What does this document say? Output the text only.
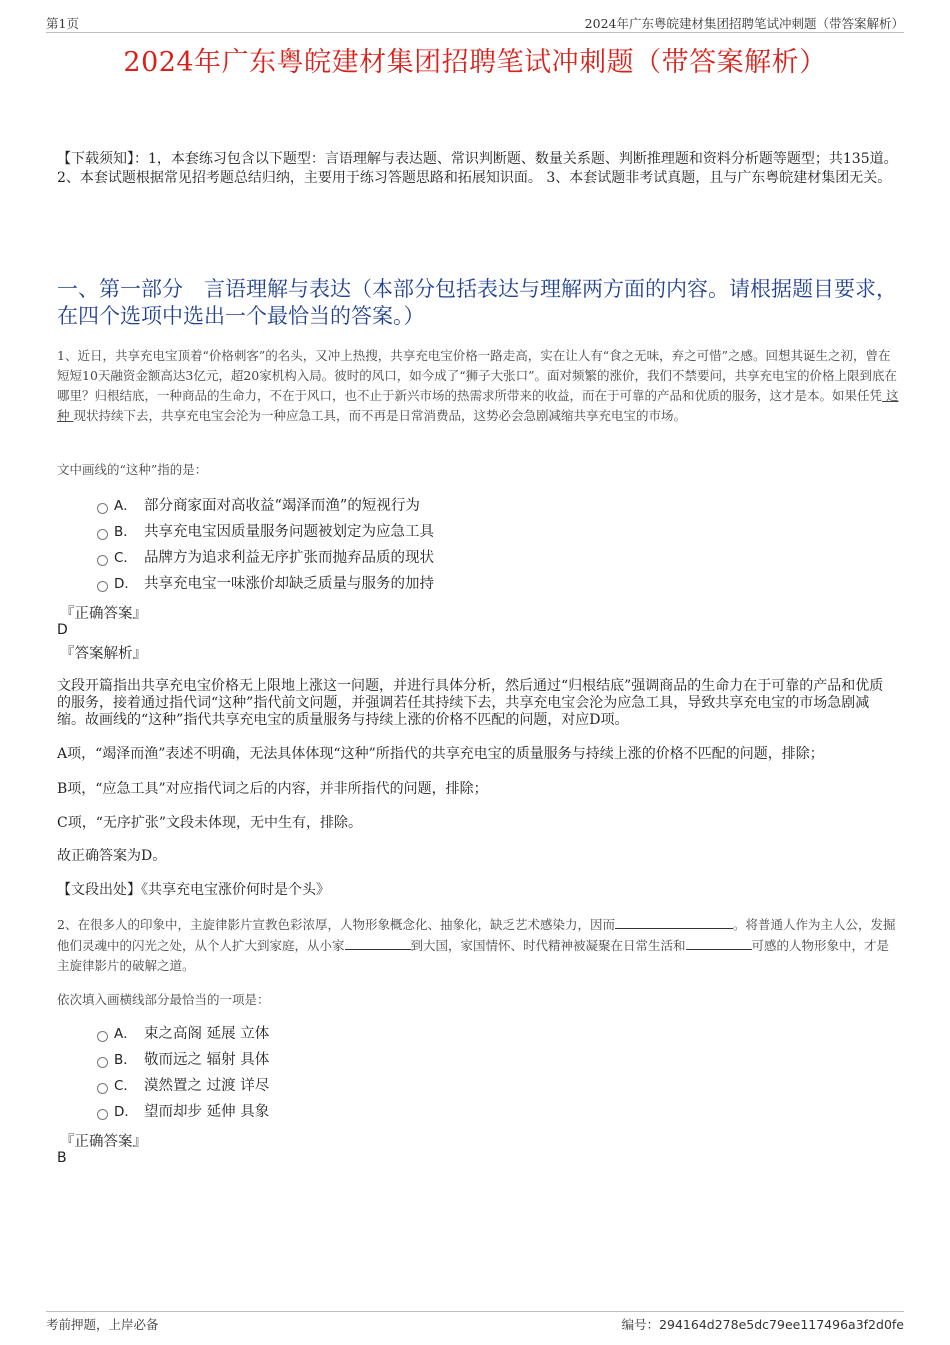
第1页	2024年广东粤皖建材集团招聘笔试冲刺题（带答案解析）
2024年广东粤皖建材集团招聘笔试冲刺题（带答案解析）
【下载须知】：1，本套练习包含以下题型：言语理解与表达题、常识判断题、数量关系题、判断推理题和资料分析题等题型；共135道。 2、本套试题根据常见招考题总结归纳，主要用于练习答题思路和拓展知识面。 3、本套试题非考试真题，且与广东粤皖建材集团无关。
一、第一部分　言语理解与表达（本部分包括表达与理解两方面的内容。请根据题目要求，在四个选项中选出一个最恰当的答案。）
1、近日，共享充电宝顶着“价格刺客”的名头，又冲上热搜，共享充电宝价格一路走高，实在让人有“食之无味，弃之可惜”之感。回想其诞生之初，曾在短短10天融资金额高达3亿元，超20家机构入局。彼时的风口，如今成了“狮子大张口”。面对频繁的涨价，我们不禁要问，共享充电宝的价格上限到底在哪里？归根结底，一种商品的生命力，不在于风口，也不止于新兴市场的热需求所带来的收益，而在于可靠的产品和优质的服务，这才是本。如果任凭 这种 现状持续下去，共享充电宝会沦为一种应急工具，而不再是日常消费品，这势必会急剧减缩共享充电宝的市场。
文中画线的“这种”指的是：
A． 部分商家面对高收益“竭泽而渔”的短视行为
B． 共享充电宝因质量服务问题被划定为应急工具
C． 品牌方为追求利益无序扩张而抛弃品质的现状
D． 共享充电宝一味涨价却缺乏质量与服务的加持
『正确答案』
D
『答案解析』
文段开篇指出共享充电宝价格无上限地上涨这一问题，并进行具体分析，然后通过“归根结底”强调商品的生命力在于可靠的产品和优质的服务，接着通过指代词“这种”指代前文问题，并强调若任其持续下去，共享充电宝会沦为应急工具，导致共享充电宝的市场急剧减缩。故画线的“这种”指代共享充电宝的质量服务与持续上涨的价格不匹配的问题，对应D项。
A项，“竭泽而渔”表述不明确，无法具体体现“这种”所指代的共享充电宝的质量服务与持续上涨的价格不匹配的问题，排除；
B项，“应急工具”对应指代词之后的内容，并非所指代的问题，排除；
C项，“无序扩张”文段未体现，无中生有，排除。
故正确答案为D。
【文段出处】《共享充电宝涨价何时是个头》
2、在很多人的印象中，主旋律影片宣教色彩浓厚，人物形象概念化、抽象化，缺乏艺术感染力，因而	。将普通人作为主人公，发掘他们灵魂中的闪光之处，从个人扩大到家庭，从小家	到大国，家国情怀、时代精神被凝聚在日常生活和	可感的人物形象中，才是主旋律影片的破解之道。
依次填入画横线部分最恰当的一项是：
A． 束之高阁 延展 立体
B． 敬而远之 辐射 具体
C． 漠然置之 过渡 详尽
D． 望而却步 延伸 具象
『正确答案』
B
考前押题，上岸必备	编号：294164d278e5dc79ee117496a3f2d0fe
